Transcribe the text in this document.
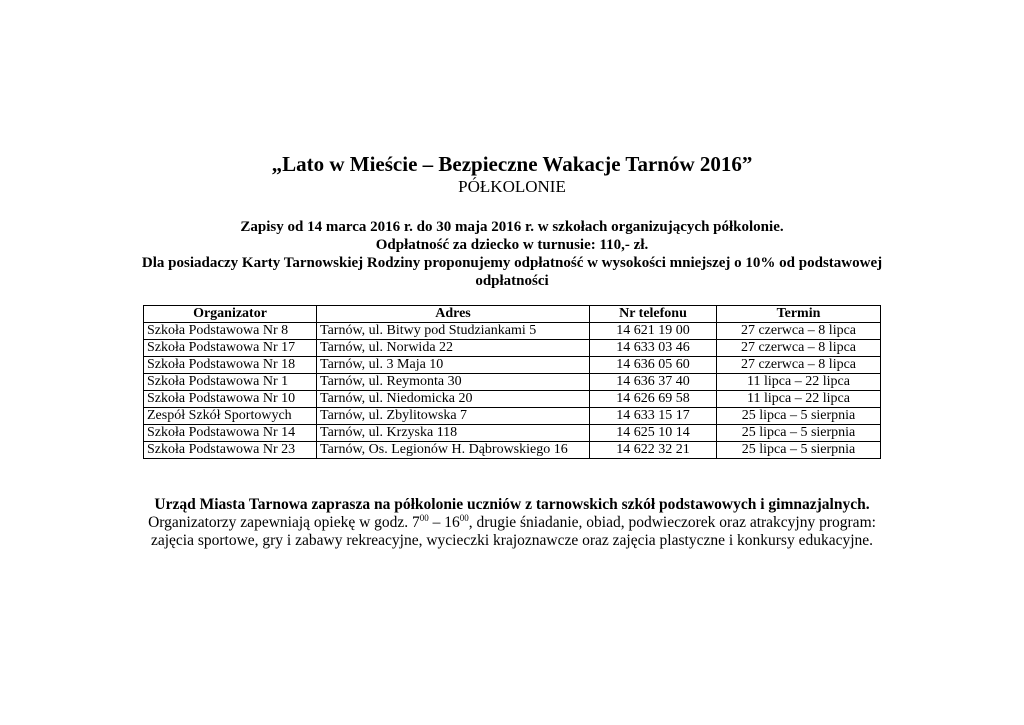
„Lato w Mieście – Bezpieczne Wakacje Tarnów 2016”
PÓŁKOLONIE

Zapisy od 14 marca 2016 r. do 30 maja 2016 r. w szkołach organizujących półkolonie.

Odpłatność za dziecko w turnusie: 110,- zł.

Dla posiadaczy Karty Tarnowskiej Rodziny proponujemy odpłatność w wysokości mniejszej o 10% od podstawowej odpłatności

Organizator	Adres	Nr telefonu	Termin
Szkoła Podstawowa Nr 8	Tarnów, ul. Bitwy pod Studziankami 5	14 621 19 00	27 czerwca – 8 lipca
Szkoła Podstawowa Nr 17	Tarnów, ul. Norwida 22	14 633 03 46	27 czerwca – 8 lipca
Szkoła Podstawowa Nr 18	Tarnów, ul. 3 Maja 10	14 636 05 60	27 czerwca – 8 lipca
Szkoła Podstawowa Nr 1	Tarnów, ul. Reymonta 30	14 636 37 40	11 lipca – 22 lipca
Szkoła Podstawowa Nr 10	Tarnów, ul. Niedomicka 20	14 626 69 58	11 lipca – 22 lipca
Zespół Szkół Sportowych	Tarnów, ul. Zbylitowska 7	14 633 15 17	25 lipca – 5 sierpnia
Szkoła Podstawowa Nr 14	Tarnów, ul. Krzyska 118	14 625 10 14	25 lipca – 5 sierpnia
Szkoła Podstawowa Nr 23	Tarnów, Os. Legionów H. Dąbrowskiego 16	14 622 32 21	25 lipca – 5 sierpnia

Urząd Miasta Tarnowa zaprasza na półkolonie uczniów z tarnowskich szkół podstawowych i gimnazjalnych.

Organizatorzy zapewniają opiekę w godz. $7^{00} - 16^{00}$, drugie śniadanie, obiad, podwieczorek oraz atrakcyjny program:

zajęcia sportowe, gry i zabawy rekreacyjne, wycieczki krajoznawcze oraz zajęcia plastyczne i konkursy edukacyjne.
